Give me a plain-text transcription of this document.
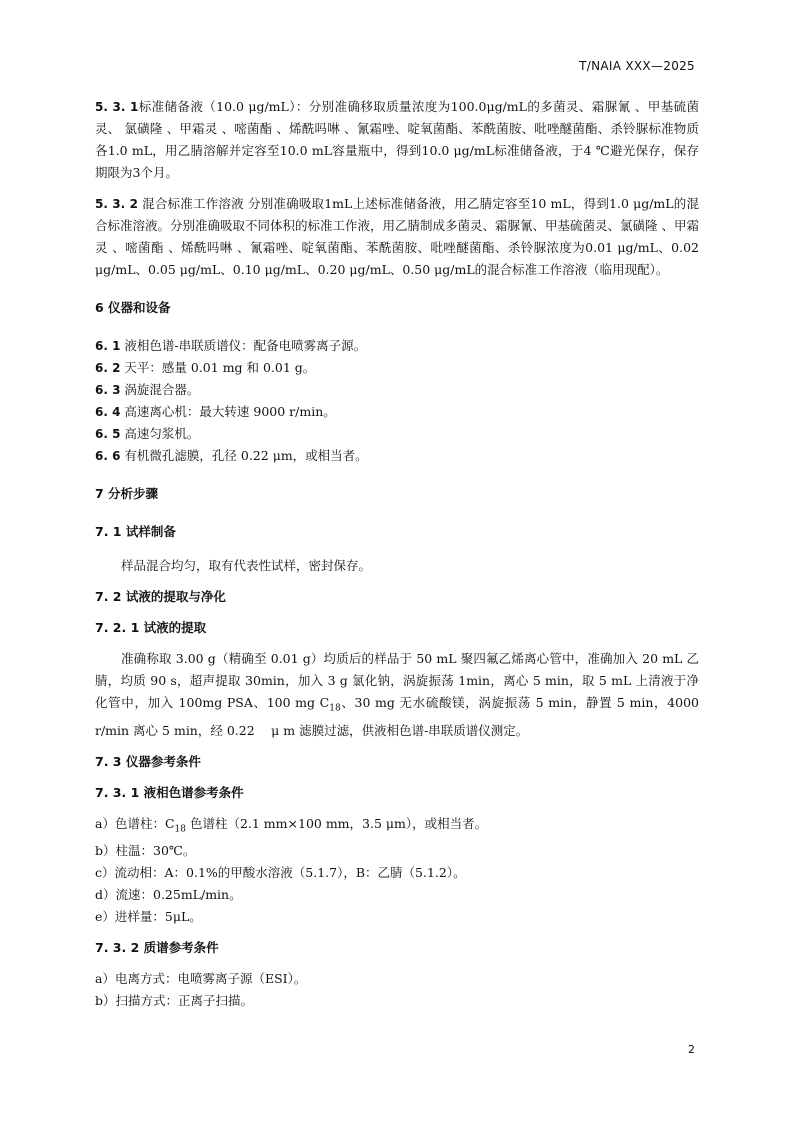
T/NAIA XXX—2025

5. 3. 1标准储备液（10.0 μg/mL）：分别准确移取质量浓度为100.0μg/mL的多菌灵、霜脲氰 、甲基硫菌灵、 氯磺隆 、甲霜灵 、嘧菌酯 、烯酰吗啉 、氰霜唑、啶氧菌酯、苯酰菌胺、吡唑醚菌酯、杀铃脲标准物质各1.0 mL，用乙腈溶解并定容至10.0 mL容量瓶中，得到10.0 μg/mL标准储备液，于4 ℃避光保存，保存期限为3个月。

5. 3. 2 混合标准工作溶液 分别准确吸取1mL上述标准储备液，用乙腈定容至10 mL，得到1.0 μg/mL的混合标准溶液。分别准确吸取不同体积的标准工作液，用乙腈制成多菌灵、霜脲氰、甲基硫菌灵、氯磺隆 、甲霜灵 、嘧菌酯 、烯酰吗啉 、氰霜唑、啶氧菌酯、苯酰菌胺、吡唑醚菌酯、杀铃脲浓度为0.01 μg/mL、0.02 μg/mL、0.05 μg/mL、0.10 μg/mL、0.20 μg/mL、0.50 μg/mL的混合标准工作溶液（临用现配）。

6 仪器和设备

6. 1 液相色谱-串联质谱仪：配备电喷雾离子源。

6. 2 天平：感量 0.01 mg 和 0.01 g。

6. 3 涡旋混合器。

6. 4 高速离心机：最大转速 9000 r/min。

6. 5 高速匀浆机。

6. 6 有机微孔滤膜，孔径 0.22 μm，或相当者。

7 分析步骤
7. 1 试样制备

样品混合均匀，取有代表性试样，密封保存。

7. 2 试液的提取与净化
7. 2. 1 试液的提取

准确称取 3.00 g（精确至 0.01 g）均质后的样品于 50 mL 聚四氟乙烯离心管中，准确加入 20 mL 乙腈，均质 90 s，超声提取 30min，加入 3 g 氯化钠，涡旋振荡 1min，离心 5 min，取 5 mL 上清液于净化管中，加入 100mg PSA、100 mg $C_{18}$、30 mg 无水硫酸镁，涡旋振荡 5 min，静置 5 min，4000 r/min 离心 5 min，经 0.22 　μ m 滤膜过滤，供液相色谱-串联质谱仪测定。

7. 3 仪器参考条件
7. 3. 1 液相色谱参考条件

a）色谱柱：$C_{18}$ 色谱柱（2.1 mm×100 mm，3.5 μm），或相当者。

b）柱温：30℃。

c）流动相：A：0.1%的甲酸水溶液（5.1.7），B：乙腈（5.1.2）。

d）流速：0.25mL/min。

e）进样量：5μL。

7. 3. 2 质谱参考条件

a）电离方式：电喷雾离子源（ESI）。

b）扫描方式：正离子扫描。

2
